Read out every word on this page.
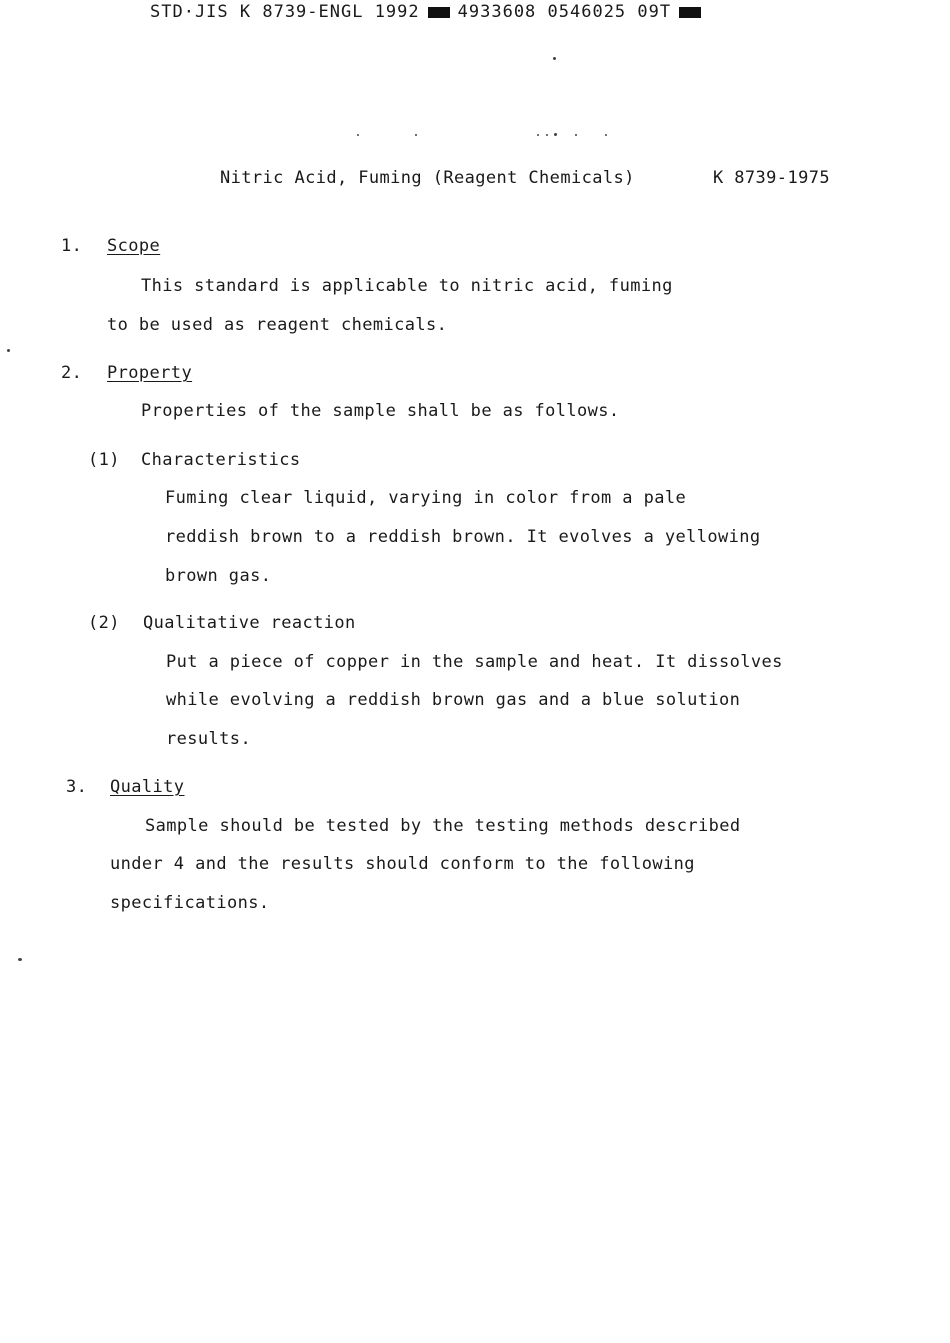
STD·JIS K 8739-ENGL 1992 4933608 0546025 09T
Nitric Acid, Fuming (Reagent Chemicals)	K 8739-1975
1. Scope
This standard is applicable to nitric acid, fuming
to be used as reagent chemicals.
2. Property
Properties of the sample shall be as follows.
(1) Characteristics
Fuming clear liquid, varying in color from a pale
reddish brown to a reddish brown. It evolves a yellowing
brown gas.
(2) Qualitative reaction
Put a piece of copper in the sample and heat. It dissolves
while evolving a reddish brown gas and a blue solution
results.
3. Quality
Sample should be tested by the testing methods described
under 4 and the results should conform to the following
specifications.
